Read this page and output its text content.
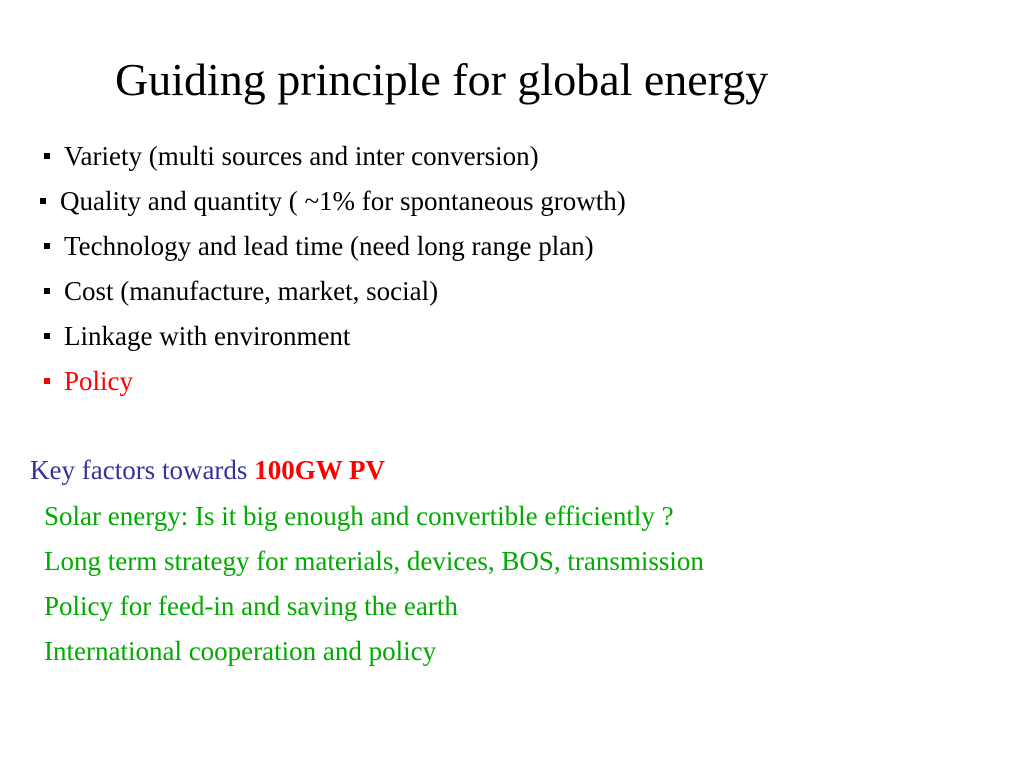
Guiding principle for global energy
Variety (multi sources and inter conversion)
Quality and quantity ( ~1% for spontaneous growth)
Technology and lead time (need long range plan)
Cost (manufacture, market, social)
Linkage with environment
Policy
Key factors towards 100GW PV
Solar energy: Is it big enough and convertible efficiently ?
Long term strategy for materials, devices, BOS, transmission
Policy for feed-in and saving the earth
International cooperation and policy
